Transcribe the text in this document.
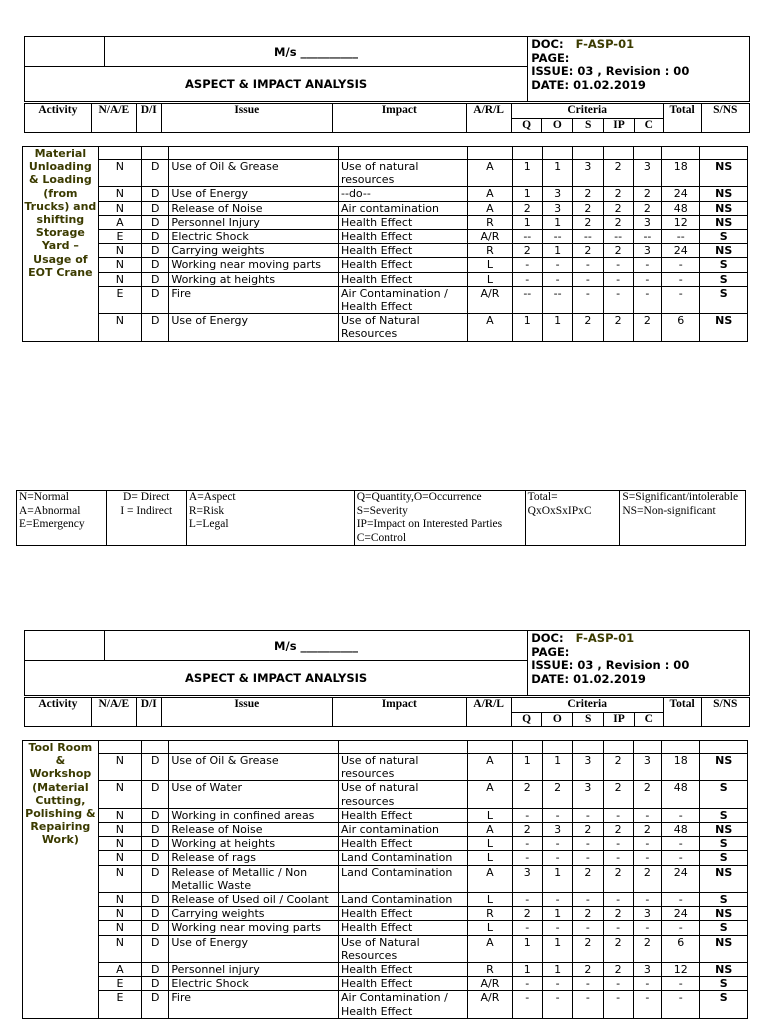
	M/s __________	
DOC: F-ASP-01
PAGE:
ISSUE: 03 , Revision : 00
DATE: 01.02.2019

ASPECT & IMPACT ANALYSIS
Activity	N/A/E	D/I	Issue	Impact	A/R/L	Criteria					Total	S/NS
						Q	O	S	IP	C		
Material Unloading & Loading (from Trucks) and shifting Storage Yard – Usage of EOT Crane												
	N	D	Use of Oil & Grease	Use of natural resources	A	1	1	3	2	3	18	NS
	N	D	Use of Energy	--do--	A	1	3	2	2	2	24	NS
	N	D	Release of Noise	Air contamination	A	2	3	2	2	2	48	NS
	A	D	Personnel Injury	Health Effect	R	1	1	2	2	3	12	NS
	E	D	Electric Shock	Health Effect	A/R	--	--	--	--	--	--	S
	N	D	Carrying weights	Health Effect	R	2	1	2	2	3	24	NS
	N	D	Working near moving parts	Health Effect	L	-	-	-	-	-	-	S
	N	D	Working at heights	Health Effect	L	-	-	-	-	-	-	S
	E	D	Fire	Air Contamination / Health Effect	A/R	--	--	-	-	-	-	S
	N	D	Use of Energy	Use of Natural Resources	A	1	1	2	2	2	6	NS
N=Normal
A=Abnormal
E=Emergency

D= Direct
I = Indirect

A=Aspect
R=Risk
L=Legal

Q=Quantity,O=Occurrence
S=Severity
IP=Impact on Interested Parties
C=Control

Total=
QxOxSxIPxC

S=Significant/intolerable
NS=Non-significant
	M/s __________	
DOC: F-ASP-01
PAGE:
ISSUE: 03 , Revision : 00
DATE: 01.02.2019

ASPECT & IMPACT ANALYSIS
Activity	N/A/E	D/I	Issue	Impact	A/R/L	Criteria					Total	S/NS
						Q	O	S	IP	C		
Tool Room & Workshop (Material Cutting, Polishing & Repairing Work)												
	N	D	Use of Oil & Grease	Use of natural resources	A	1	1	3	2	3	18	NS
	N	D	Use of Water	Use of natural resources	A	2	2	3	2	2	48	S
	N	D	Working in confined areas	Health Effect	L	-	-	-	-	-	-	S
	N	D	Release of Noise	Air contamination	A	2	3	2	2	2	48	NS
	N	D	Working at heights	Health Effect	L	-	-	-	-	-	-	S
	N	D	Release of rags	Land Contamination	L	-	-	-	-	-	-	S
	N	D	Release of Metallic / Non Metallic Waste	Land Contamination	A	3	1	2	2	2	24	NS
	N	D	Release of Used oil / Coolant	Land Contamination	L	-	-	-	-	-	-	S
	N	D	Carrying weights	Health Effect	R	2	1	2	2	3	24	NS
	N	D	Working near moving parts	Health Effect	L	-	-	-	-	-	-	S
	N	D	Use of Energy	Use of Natural Resources	A	1	1	2	2	2	6	NS
	A	D	Personnel injury	Health Effect	R	1	1	2	2	3	12	NS
	E	D	Electric Shock	Health Effect	A/R	-	-	-	-	-	-	S
	E	D	Fire	Air Contamination / Health Effect	A/R	-	-	-	-	-	-	S
